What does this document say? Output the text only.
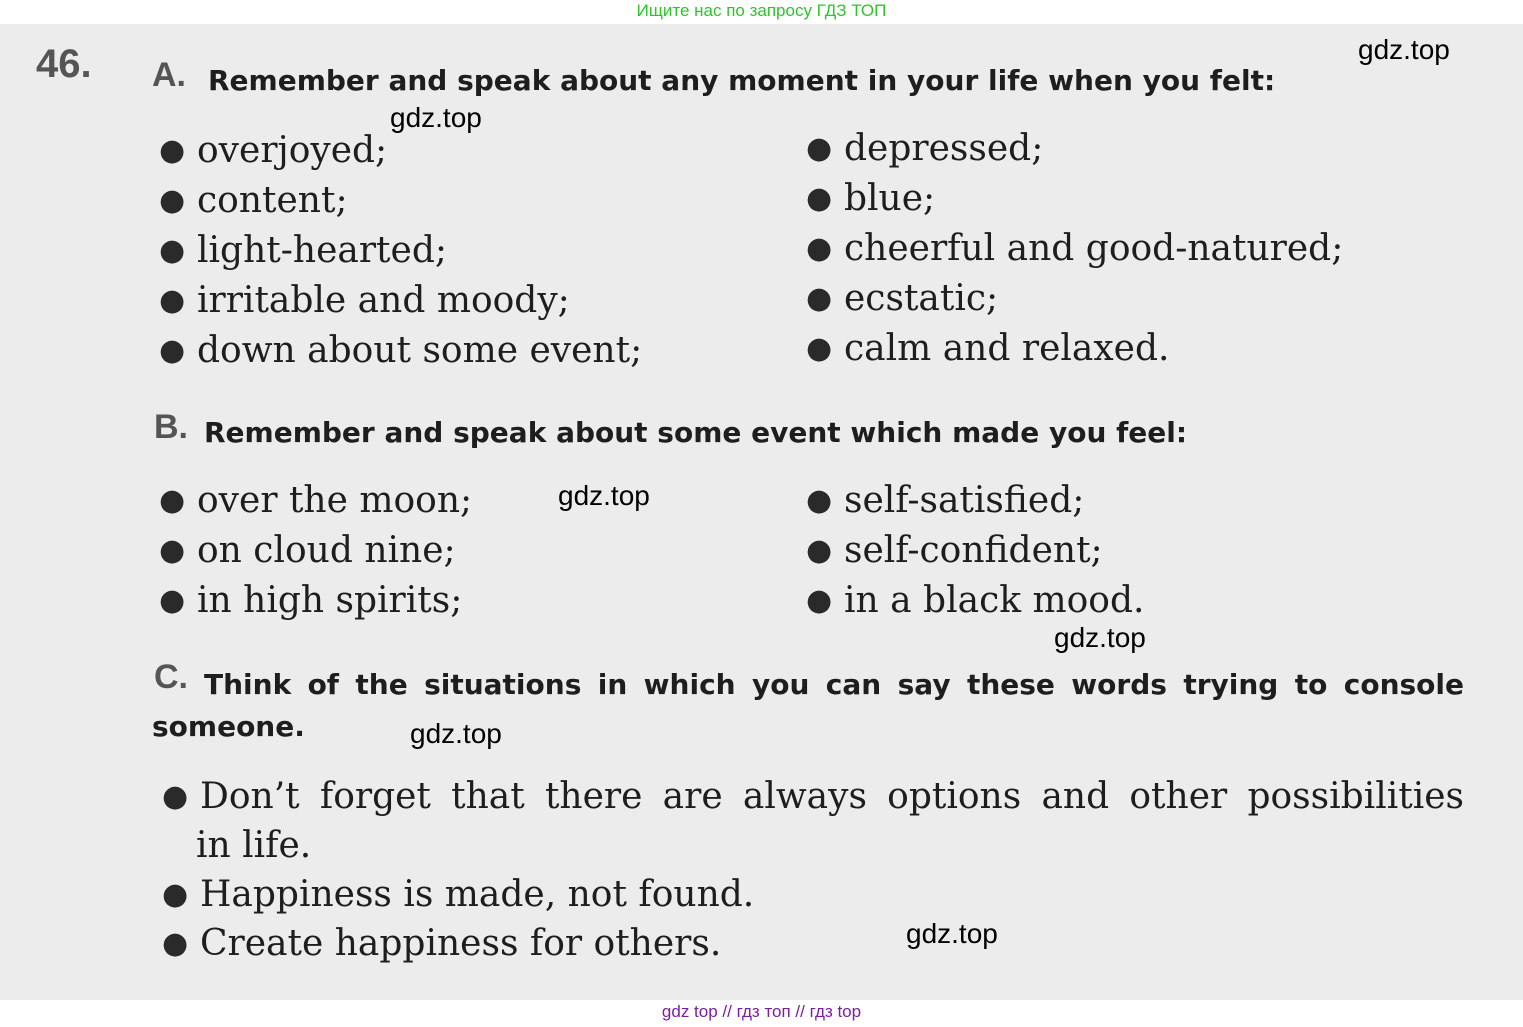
Ищите нас по запросу ГДЗ ТОП
46. A. Remember and speak about any moment in your life when you felt:
● overjoyed;
● content;
● light-hearted;
● irritable and moody;
● down about some event;
● depressed;
● blue;
● cheerful and good-natured;
● ecstatic;
● calm and relaxed.
B. Remember and speak about some event which made you feel:
● over the moon;
● on cloud nine;
● in high spirits;
● self-satisfied;
● self-confident;
● in a black mood.
C. Think of the situations in which you can say these words trying to console someone.
● Don’t forget that there are always options and other possibilities
in life.
● Happiness is made, not found.
● Create happiness for others.
gdz.top
gdz.top
gdz.top
gdz.top
gdz.top
gdz.top
gdz top // гдз топ // гдз top
